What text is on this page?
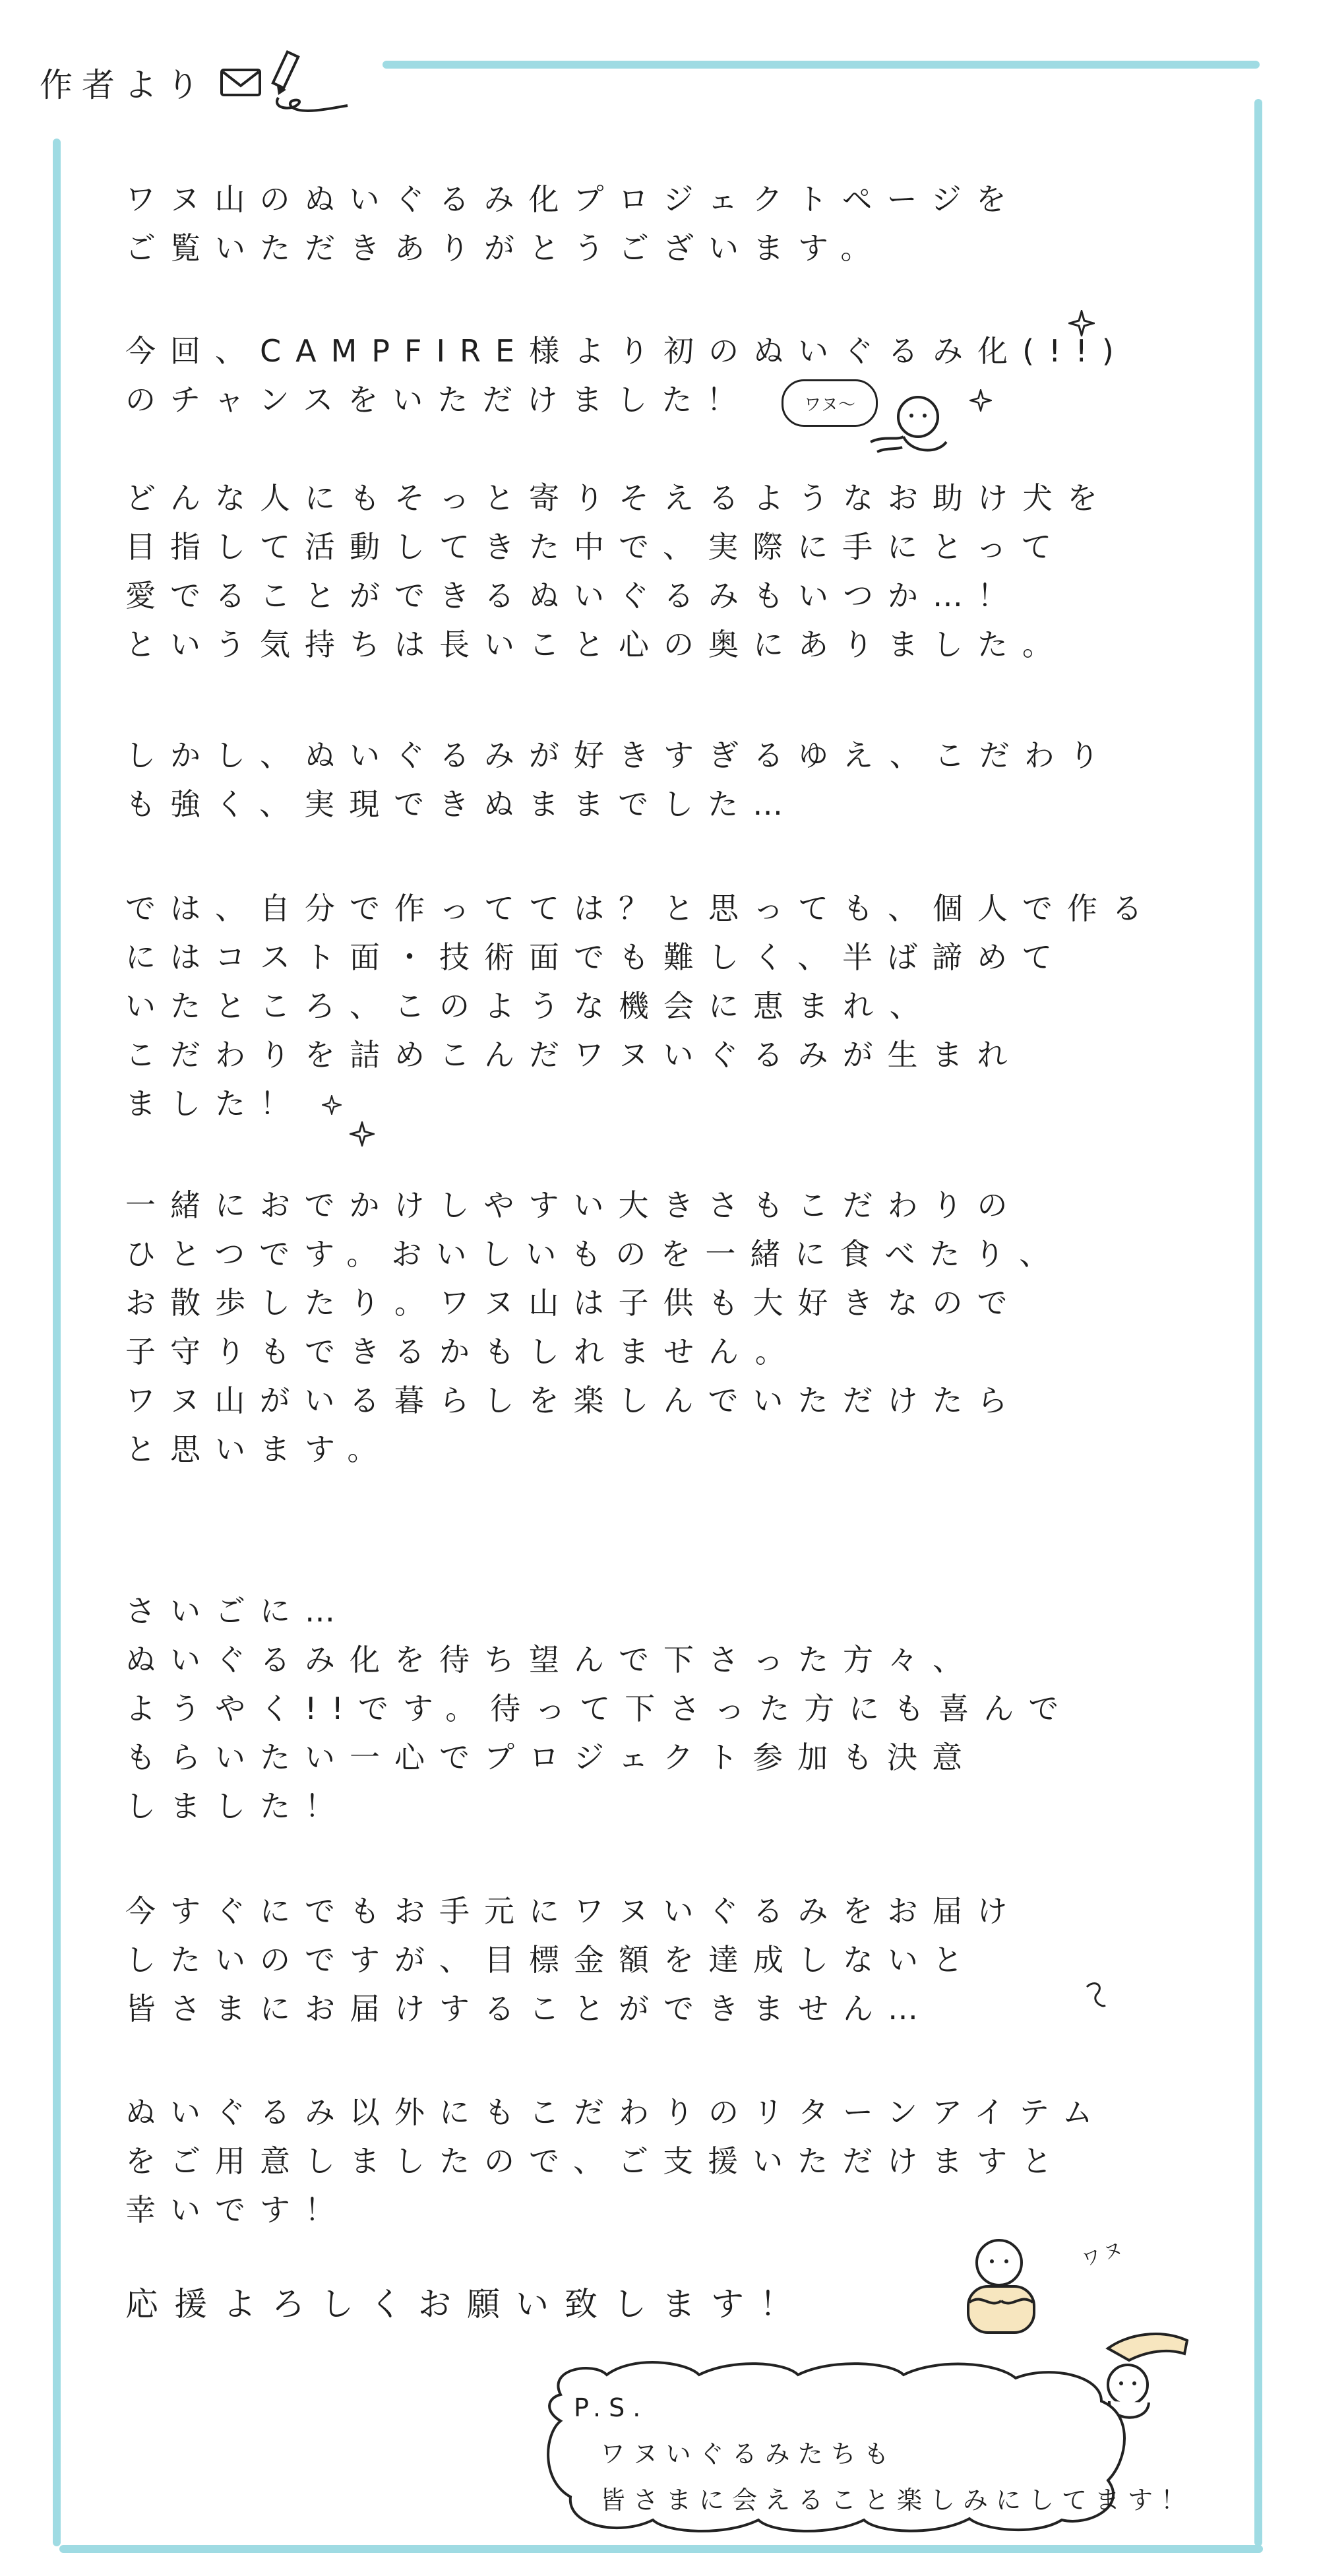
作者より
ワヌ山のぬいぐるみ化プロジェクトページを
ご覧いただきありがとうございます。
今回、CAMPFIRE様より初のぬいぐるみ化(!!)
のチャンスをいただけました！	ワヌ〜
どんな人にもそっと寄りそえるようなお助け犬を
目指して活動してきた中で、実際に手にとって
愛でることができるぬいぐるみもいつか…！
という気持ちは長いこと心の奥にありました。
しかし、ぬいぐるみが好きすぎるゆえ、こだわり
も強く、実現できぬままでした…
では、自分で作ってては？と思っても、個人で作る
にはコスト面・技術面でも難しく、半ば諦めて
いたところ、このような機会に恵まれ、
こだわりを詰めこんだワヌいぐるみが生まれ
ました！
一緒におでかけしやすい大きさもこだわりの
ひとつです。おいしいものを一緒に食べたり、
お散歩したり。ワヌ山は子供も大好きなので
子守りもできるかもしれません。
ワヌ山がいる暮らしを楽しんでいただけたら
と思います。
さいごに…
ぬいぐるみ化を待ち望んで下さった方々、
ようやく!!です。待って下さった方にも喜んで
もらいたい一心でプロジェクト参加も決意
しました！
今すぐにでもお手元にワヌいぐるみをお届け
したいのですが、目標金額を達成しないと
皆さまにお届けすることができません…
ぬいぐるみ以外にもこだわりのリターンアイテム
をご用意しましたので、ご支援いただけますと
幸いです！
応援よろしくお願い致します！
ワヌ
P.S.
ワヌいぐるみたちも
皆さまに会えること楽しみにしてます！
